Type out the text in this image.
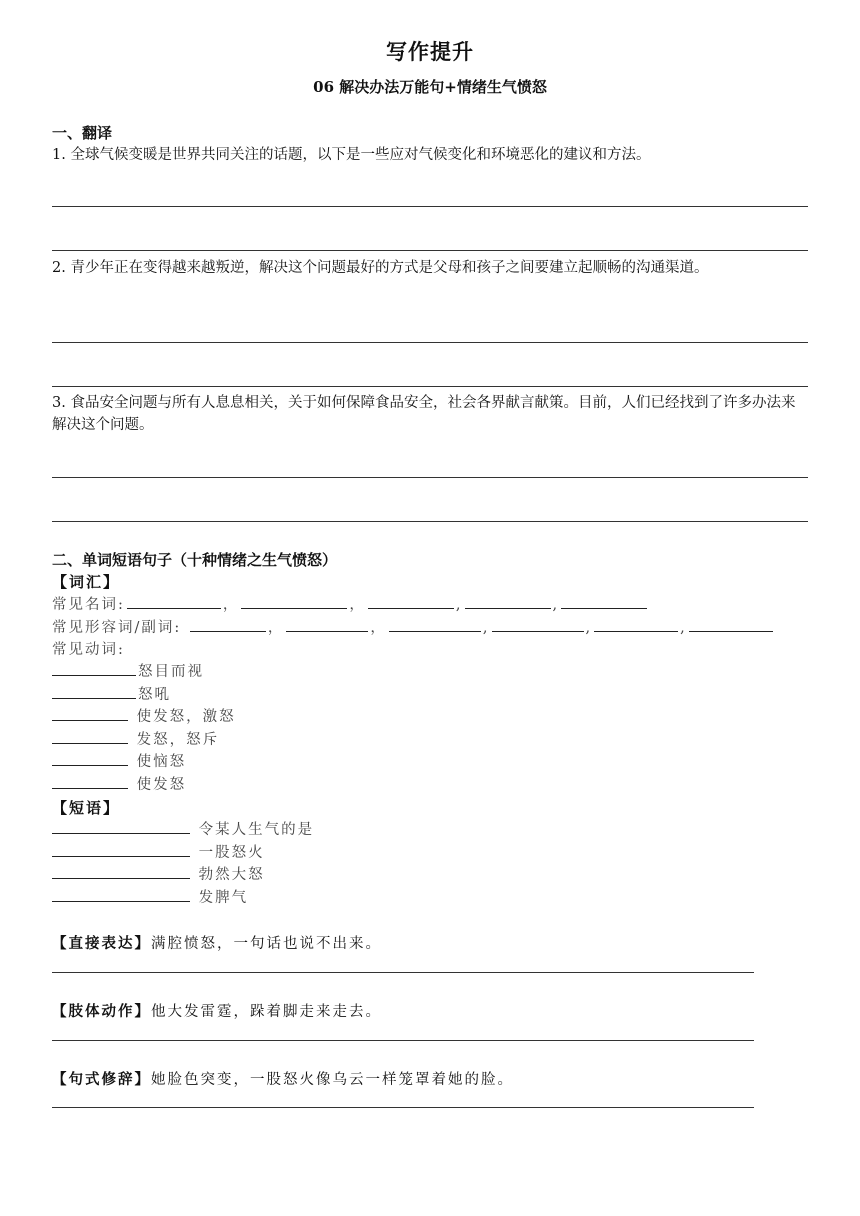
写作提升
06 解决办法万能句+情绪生气愤怒
一、翻译
1. 全球气候变暖是世界共同关注的话题，以下是一些应对气候变化和环境恶化的建议和方法。
2. 青少年正在变得越来越叛逆，解决这个问题最好的方式是父母和孩子之间要建立起顺畅的沟通渠道。
3. 食品安全问题与所有人息息相关，关于如何保障食品安全，社会各界献言献策。目前，人们已经找到了许多办法来解决这个问题。
二、单词短语句子（十种情绪之生气愤怒）
【词汇】
常见名词:	，	，	,	,
常见形容词/副词:	，	，	,	,	,
常见动词:
怒目而视
怒吼
使发怒，激怒
发怒，怒斥
使恼怒
使发怒
【短语】
令某人生气的是
一股怒火
勃然大怒
发脾气
【直接表达】满腔愤怒，一句话也说不出来。
【肢体动作】他大发雷霆，跺着脚走来走去。
【句式修辞】她脸色突变，一股怒火像乌云一样笼罩着她的脸。
